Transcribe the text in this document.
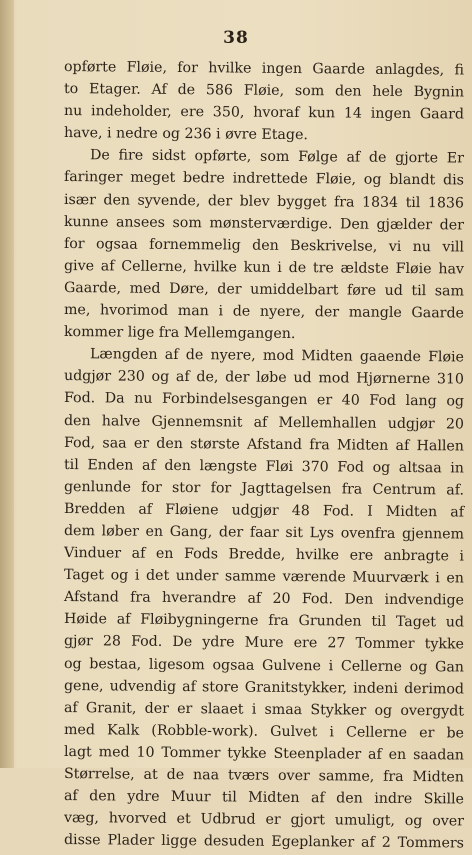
38
opførte Fløie, for hvilke ingen Gaarde anlagdes, fi
to Etager. Af de 586 Fløie, som den hele Bygnin
nu indeholder, ere 350, hvoraf kun 14 ingen Gaard
have, i nedre og 236 i øvre Etage.
De fire sidst opførte, som Følge af de gjorte Er
faringer meget bedre indrettede Fløie, og blandt dis
især den syvende, der blev bygget fra 1834 til 1836
kunne ansees som mønsterværdige. Den gjælder der
for ogsaa fornemmelig den Beskrivelse, vi nu vill
give af Cellerne, hvilke kun i de tre ældste Fløie hav
Gaarde, med Døre, der umiddelbart føre ud til sam
me, hvorimod man i de nyere, der mangle Gaarde
kommer lige fra Mellemgangen.
Længden af de nyere, mod Midten gaaende Fløie
udgjør 230 og af de, der løbe ud mod Hjørnerne 310
Fod. Da nu Forbindelsesgangen er 40 Fod lang og
den halve Gjennemsnit af Mellemhallen udgjør 20
Fod, saa er den største Afstand fra Midten af Hallen
til Enden af den længste Fløi 370 Fod og altsaa in
genlunde for stor for Jagttagelsen fra Centrum af.
Bredden af Fløiene udgjør 48 Fod. I Midten af
dem løber en Gang, der faar sit Lys ovenfra gjennem
Vinduer af en Fods Bredde, hvilke ere anbragte i
Taget og i det under samme værende Muurværk i en
Afstand fra hverandre af 20 Fod. Den indvendige
Høide af Fløibygningerne fra Grunden til Taget ud
gjør 28 Fod. De ydre Mure ere 27 Tommer tykke
og bestaa, ligesom ogsaa Gulvene i Cellerne og Gan
gene, udvendig af store Granitstykker, indeni derimod
af Granit, der er slaaet i smaa Stykker og overgydt
med Kalk (Robble-work). Gulvet i Cellerne er be
lagt med 10 Tommer tykke Steenplader af en saadan
Størrelse, at de naa tværs over samme, fra Midten
af den ydre Muur til Midten af den indre Skille
væg, hvorved et Udbrud er gjort umuligt, og over
disse Plader ligge desuden Egeplanker af 2 Tommers
